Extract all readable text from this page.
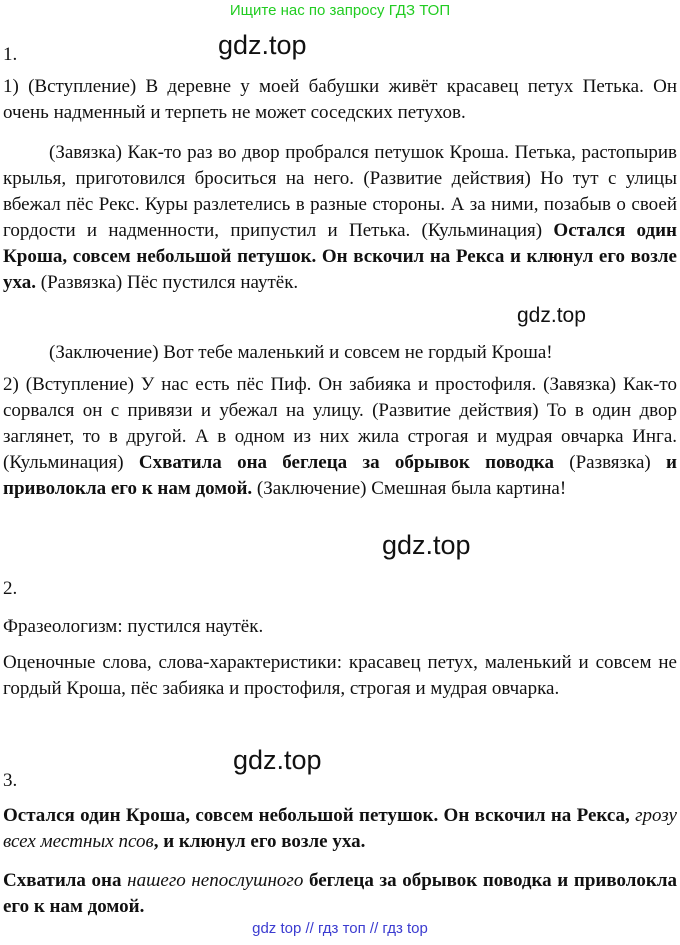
Ищите нас по запросу ГДЗ ТОП
gdz.top
gdz.top
gdz.top
gdz.top
1.

1) (Вступление) В деревне у моей бабушки живёт красавец петух Петька. Он очень надменный и терпеть не может соседских петухов.

(Завязка) Как-то раз во двор пробрался петушок Кроша. Петька, растопырив крылья, приготовился броситься на него. (Развитие действия) Но тут с улицы вбежал пёс Рекс. Куры разлетелись в разные стороны. А за ними, позабыв о своей гордости и надменности, припустил и Петька. (Кульминация) Остался один Кроша, совсем небольшой петушок. Он вскочил на Рекса и клюнул его возле уха. (Развязка) Пёс пустился наутёк.

(Заключение) Вот тебе маленький и совсем не гордый Кроша!

2) (Вступление) У нас есть пёс Пиф. Он забияка и простофиля. (Завязка) Как-то сорвался он с привязи и убежал на улицу. (Развитие действия) То в один двор заглянет, то в другой. А в одном из них жила строгая и мудрая овчарка Инга. (Кульминация) Схватила она беглеца за обрывок поводка (Развязка) и приволокла его к нам домой. (Заключение) Смешная была картина!

2.

Фразеологизм: пустился наутёк.

Оценочные слова, слова-характеристики: красавец петух, маленький и совсем не гордый Кроша, пёс забияка и простофиля, строгая и мудрая овчарка.

3.

Остался один Кроша, совсем небольшой петушок. Он вскочил на Рекса, грозу всех местных псов, и клюнул его возле уха.

Схватила она нашего непослушного беглеца за обрывок поводка и приволокла его к нам домой.

gdz top // гдз топ // гдз top
